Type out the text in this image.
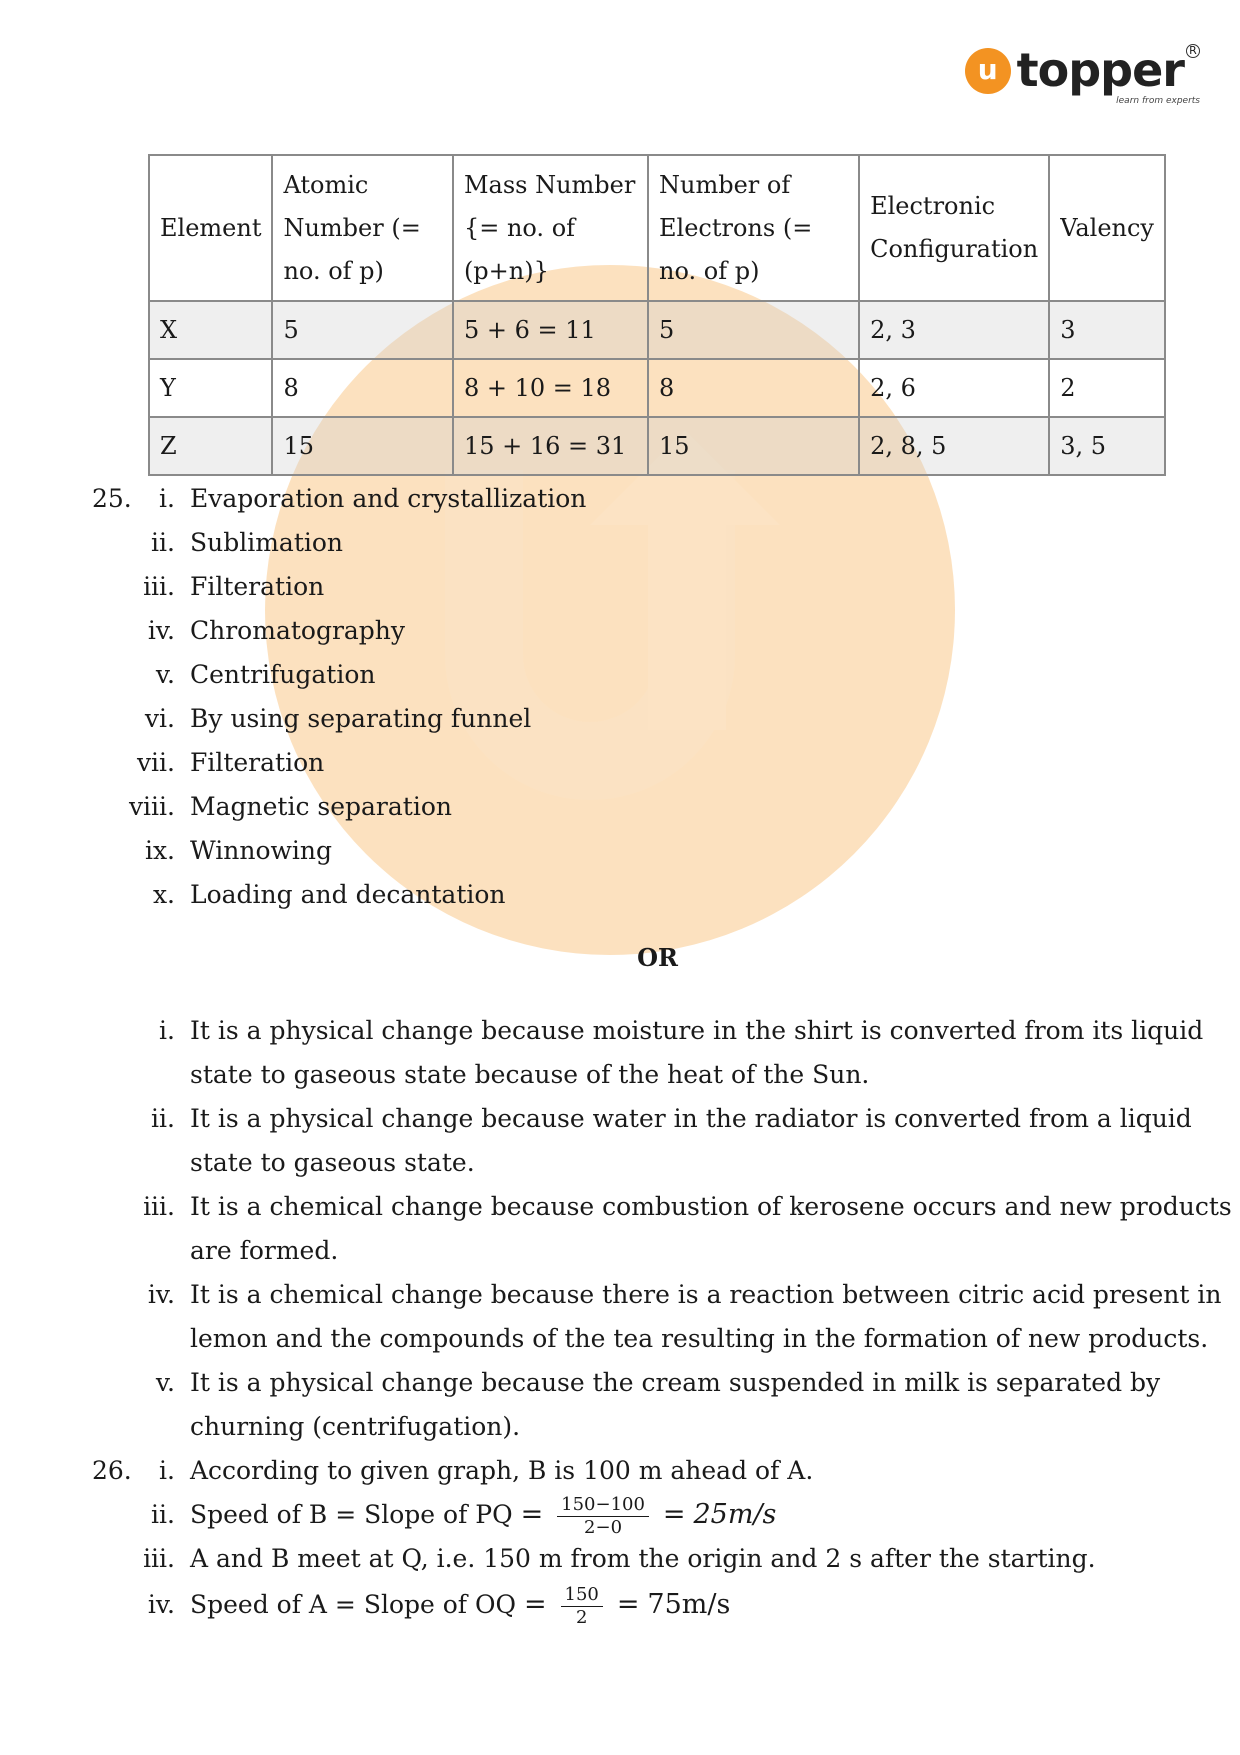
u topper R
learn from experts
Element	Atomic Number (= no. of p)	Mass Number {= no. of (p+n)}	Number of Electrons (= no. of p)	Electronic Configuration	Valency
X	5	5 + 6 = 11	5	2, 3	3
Y	8	8 + 10 = 18	8	2, 6	2
Z	15	15 + 16 = 31	15	2, 8, 5	3, 5
25.	i. Evaporation and crystallization
ii. Sublimation
iii. Filteration
iv. Chromatography
v. Centrifugation
vi. By using separating funnel
vii. Filteration
viii. Magnetic separation
ix. Winnowing
x. Loading and decantation
OR
i. It is a physical change because moisture in the shirt is converted from its liquid
state to gaseous state because of the heat of the Sun.
ii. It is a physical change because water in the radiator is converted from a liquid
state to gaseous state.
iii. It is a chemical change because combustion of kerosene occurs and new products
are formed.
iv. It is a chemical change because there is a reaction between citric acid present in
lemon and the compounds of the tea resulting in the formation of new products.
v. It is a physical change because the cream suspended in milk is separated by
churning (centrifugation).
26.	i. According to given graph, B is 100 m ahead of A.
ii. Speed of B = Slope of PQ = $\frac{150-100}{2-0} = 25m/s$
iii. A and B meet at Q, i.e. 150 m from the origin and 2 s after the starting.
iv. Speed of A = Slope of OQ = $\frac{150}{2} = 75m/s$
